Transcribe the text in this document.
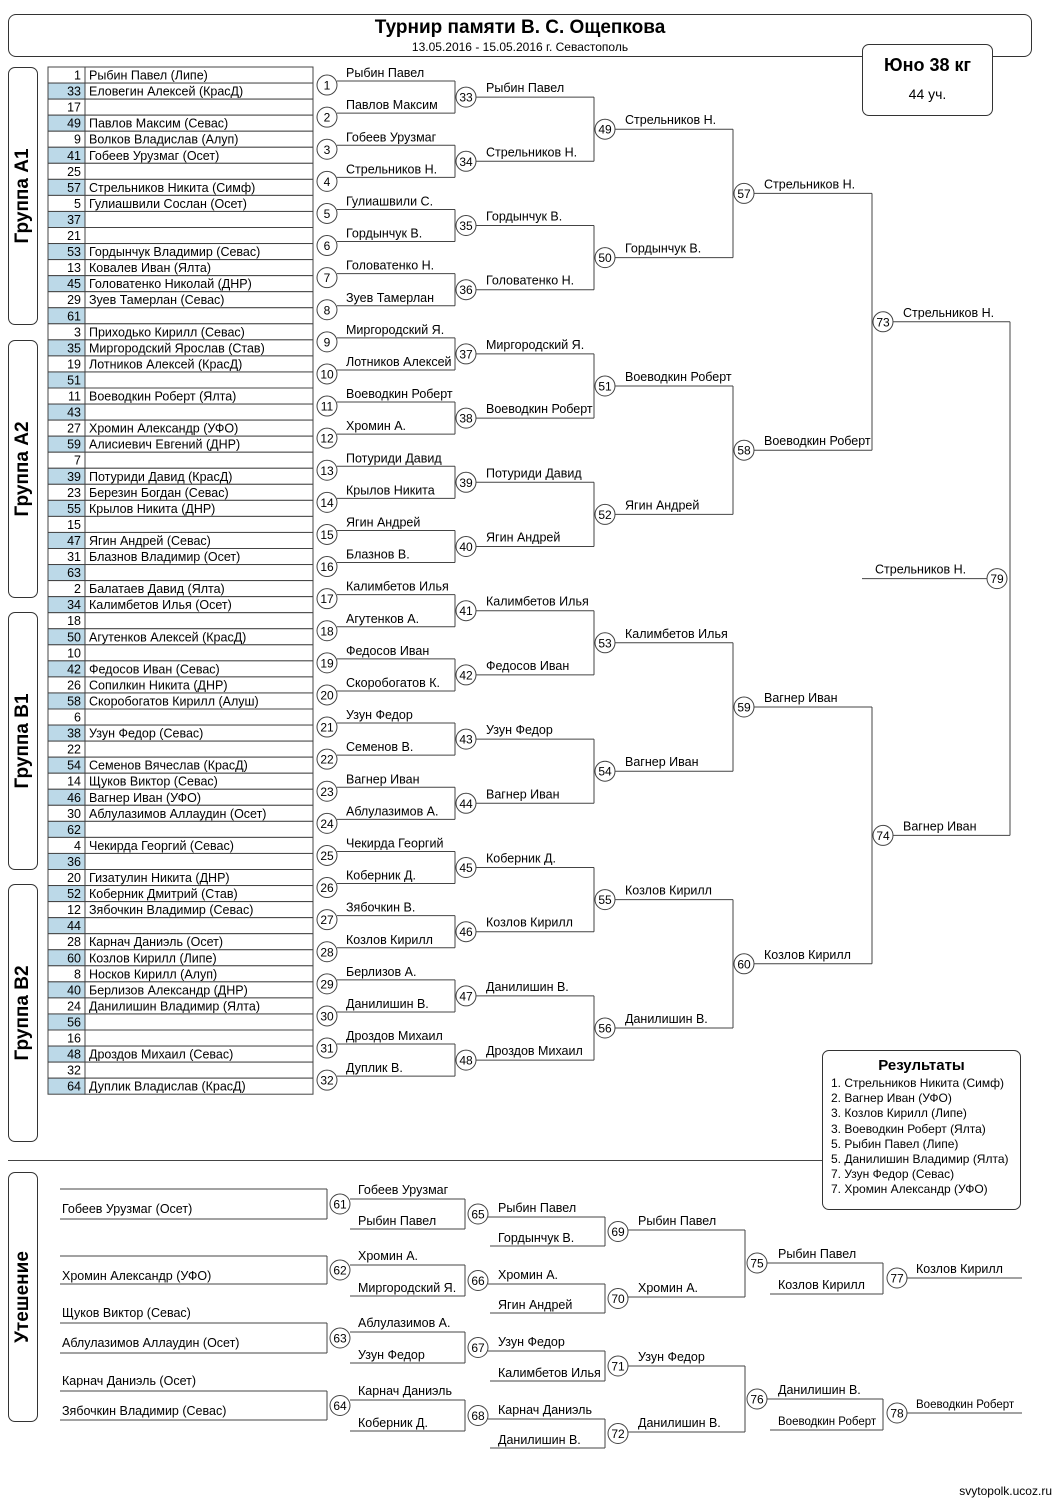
Турнир памяти В. С. Ощепкова
13.05.2016 - 15.05.2016 г. Севастополь
Группа А1
Группа А2
Группа В1
Группа В2
Утешение
1 Рыбин Павел (Липе)
33 Еловегин Алексей (КрасД)
17
49 Павлов Максим (Севас)
9 Волков Владислав (Алуп)
41 Гобеев Урузмаг (Осет)
25
57 Стрельников Никита (Симф)
5 Гулиашвили Сослан (Осет)
37
21
53 Гордынчук Владимир (Севас)
13 Ковалев Иван (Ялта)
45 Головатенко Николай (ДНР)
29 Зуев Тамерлан (Севас)
61
3 Приходько Кирилл (Севас)
35 Миргородский Ярослав (Став)
19 Лотников Алексей (КрасД)
51
11 Воеводкин Роберт (Ялта)
43
27 Хромин Александр (УФО)
59 Алисиевич Евгений (ДНР)
7
39 Потуриди Давид (КрасД)
23 Березин Богдан (Севас)
55 Крылов Никита (ДНР)
15
47 Ягин Андрей (Севас)
31 Блазнов Владимир (Осет)
63
2 Балатаев Давид (Ялта)
34 Калимбетов Илья (Осет)
18
50 Агутенков Алексей (КрасД)
10
42 Федосов Иван (Севас)
26 Сопилкин Никита (ДНР)
58 Скоробогатов Кирилл (Алуш)
6
38 Узун Федор (Севас)
22
54 Семенов Вячеслав (КрасД)
14 Щуков Виктор (Севас)
46 Вагнер Иван (УФО)
30 Аблулазимов Аллаудин (Осет)
62
4 Чекирда Георгий (Севас)
36
20 Гизатулин Никита (ДНР)
52 Коберник Дмитрий (Став)
12 Зябочкин Владимир (Севас)
44
28 Карнач Даниэль (Осет)
60 Козлов Кирилл (Липе)
8 Носков Кирилл (Алуп)
40 Берлизов Александр (ДНР)
24 Данилишин Владимир (Ялта)
56
16
48 Дроздов Михаил (Севас)
32
64 Дуплик Владислав (КрасД)
1
Рыбин Павел
2
Павлов Максим
3
Гобеев Урузмаг
4
Стрельников Н.
5
Гулиашвили С.
6
Гордынчук В.
7
Головатенко Н.
8
Зуев Тамерлан
9
Миргородский Я.
10
Лотников Алексей
11
Воеводкин Роберт
12
Хромин А.
13
Потуриди Давид
14
Крылов Никита
15
Ягин Андрей
16
Блазнов В.
17
Калимбетов Илья
18
Агутенков А.
19
Федосов Иван
20
Скоробогатов К.
21
Узун Федор
22
Семенов В.
23
Вагнер Иван
24
Аблулазимов А.
25
Чекирда Георгий
26
Коберник Д.
27
Зябочкин В.
28
Козлов Кирилл
29
Берлизов А.
30
Данилишин В.
31
Дроздов Михаил
32
Дуплик В.
33
Рыбин Павел
34
Стрельников Н.
35
Гордынчук В.
36
Головатенко Н.
37
Миргородский Я.
38
Воеводкин Роберт
39
Потуриди Давид
40
Ягин Андрей
41
Калимбетов Илья
42
Федосов Иван
43
Узун Федор
44
Вагнер Иван
45
Коберник Д.
46
Козлов Кирилл
47
Данилишин В.
48
Дроздов Михаил
49
Стрельников Н.
50
Гордынчук В.
51
Воеводкин Роберт
52
Ягин Андрей
53
Калимбетов Илья
54
Вагнер Иван
55
Козлов Кирилл
56
Данилишин В.
57
Стрельников Н.
58
Воеводкин Роберт
59
Вагнер Иван
60
Козлов Кирилл
73
Стрельников Н.
74
Вагнер Иван
79
Стрельников Н.
61
62
63
64
Гобеев Урузмаг (Осет)
Хромин Александр (УФО)
Щуков Виктор (Севас)
Аблулазимов Аллаудин (Осет)
Карнач Даниэль (Осет)
Зябочкин Владимир (Севас)
Гобеев Урузмаг
Рыбин Павел	65
Хромин А.
Миргородский Я. 66
Аблулазимов А.
Узун Федор	67
Карнач Даниэль
Коберник Д.	68
Рыбин Павел
Гордынчук В.	69
Хромин А.
Ягин Андрей	70
Узун Федор
Калимбетов Илья 71
Карнач Даниэль
Данилишин В.	72
Рыбин Павел
Хромин А.
Узун Федор
Данилишин В.
75
76
Рыбин Павел
Козлов Кирилл 77
Козлов Кирилл
Данилишин В.
Воеводкин Роберт
78
Воеводкин Роберт
Юно 38 кг
44 уч.
Результаты
1. Стрельников Никита (Симф)
2. Вагнер Иван (УФО)
3. Козлов Кирилл (Липе)
3. Воеводкин Роберт (Ялта)
5. Рыбин Павел (Липе)
5. Данилишин Владимир (Ялта)
7. Узун Федор (Севас)
7. Хромин Александр (УФО)
svytopolk.ucoz.ru
